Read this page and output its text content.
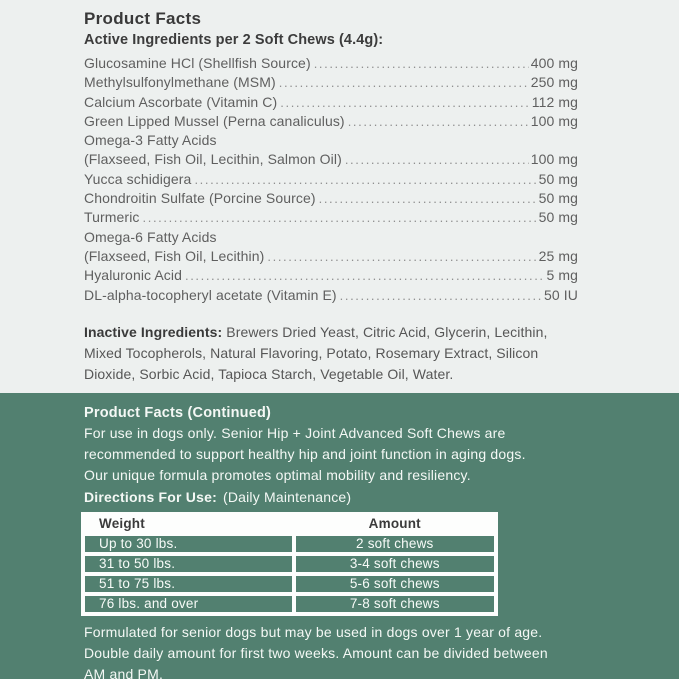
Product Facts
Active Ingredients per 2 Soft Chews (4.4g):
Glucosamine HCl (Shellfish Source) .....	400 mg
Methylsulfonylmethane (MSM) .....	250 mg
Calcium Ascorbate (Vitamin C) .....	112 mg
Green Lipped Mussel (Perna canaliculus) .....	100 mg
Omega-3 Fatty Acids
(Flaxseed, Fish Oil, Lecithin, Salmon Oil) .....	100 mg
Yucca schidigera .....	50 mg
Chondroitin Sulfate (Porcine Source) .....	50 mg
Turmeric .....	50 mg
Omega-6 Fatty Acids
(Flaxseed, Fish Oil, Lecithin) .....	25 mg
Hyaluronic Acid .....	5 mg
DL-alpha-tocopheryl acetate (Vitamin E) .....	50 IU
Inactive Ingredients: Brewers Dried Yeast, Citric Acid, Glycerin, Lecithin,
Mixed Tocopherols, Natural Flavoring, Potato, Rosemary Extract, Silicon
Dioxide, Sorbic Acid, Tapioca Starch, Vegetable Oil, Water.
Product Facts (Continued)
For use in dogs only. Senior Hip + Joint Advanced Soft Chews are
recommended to support healthy hip and joint function in aging dogs.
Our unique formula promotes optimal mobility and resiliency.
Directions For Use: (Daily Maintenance)
Weight	Amount
Up to 30 lbs.	2 soft chews
31 to 50 lbs.	3-4 soft chews
51 to 75 lbs.	5-6 soft chews
76 lbs. and over	7-8 soft chews
Formulated for senior dogs but may be used in dogs over 1 year of age.
Double daily amount for first two weeks. Amount can be divided between
AM and PM.
